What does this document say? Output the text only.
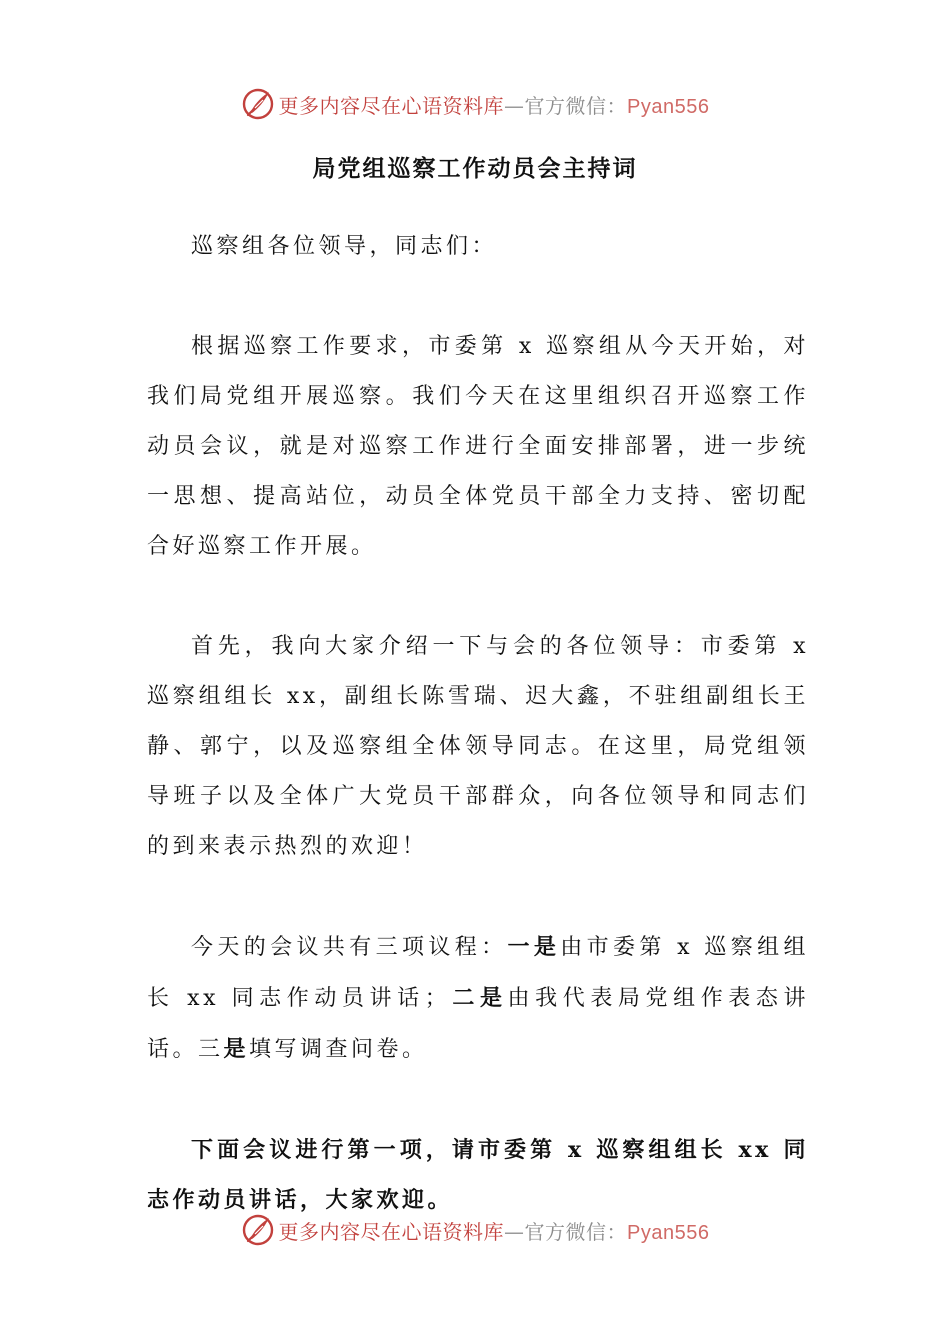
更多内容尽在心语资料库—官方微信：Pyan556
局党组巡察工作动员会主持词

巡察组各位领导，同志们：

根据巡察工作要求，市委第 x 巡察组从今天开始，对我们局党组开展巡察。我们今天在这里组织召开巡察工作动员会议，就是对巡察工作进行全面安排部署，进一步统一思想、提高站位，动员全体党员干部全力支持、密切配合好巡察工作开展。

首先，我向大家介绍一下与会的各位领导：市委第 x 巡察组组长 xx，副组长陈雪瑞、迟大鑫，不驻组副组长王静、郭宁，以及巡察组全体领导同志。在这里，局党组领导班子以及全体广大党员干部群众，向各位领导和同志们的到来表示热烈的欢迎！

今天的会议共有三项议程：一是由市委第 x 巡察组组长 xx 同志作动员讲话；二是由我代表局党组作表态讲话。三是填写调查问卷。

下面会议进行第一项，请市委第 x 巡察组组长 xx 同志作动员讲话，大家欢迎。

更多内容尽在心语资料库—官方微信：Pyan556
